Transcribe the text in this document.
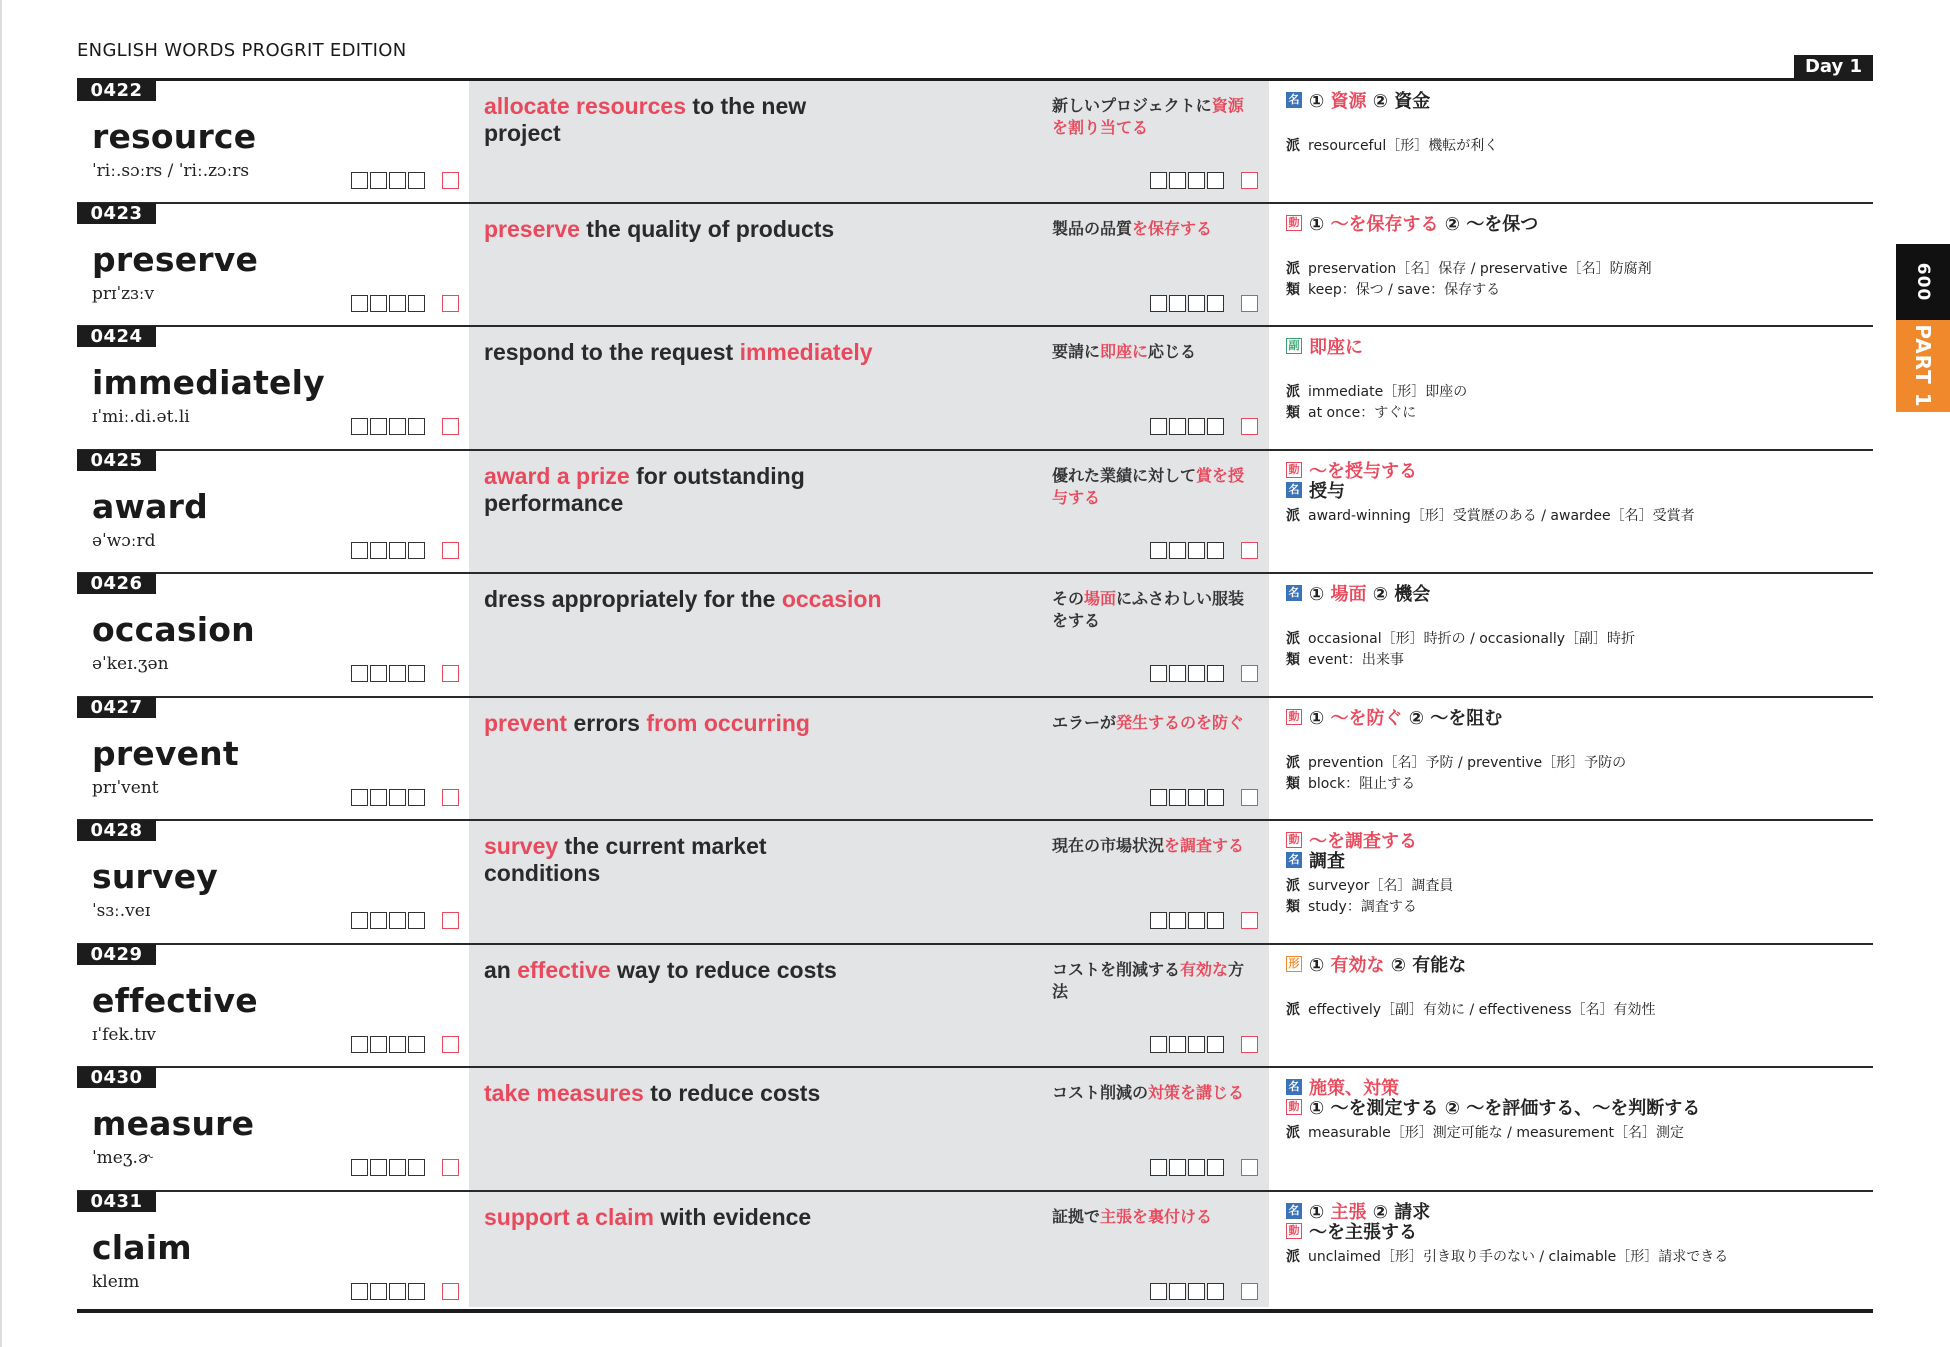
ENGLISH WORDS PROGRIT EDITION
Day 1
600
PART 1
0422
resource
ˈriː.sɔːrs / ˈriː.zɔːrs
allocate resources to the new project
新しいプロジェクトに資源を割り当てる
名 ① 資源 ② 資金
派 resourceful［形］機転が利く
0423
preserve
prɪˈzɜːv
preserve the quality of products	製品の品質を保存する	動 ① 〜を保存する ② 〜を保つ
派 preservation［名］保存 / preservative［名］防腐剤
類 keep：保つ / save：保存する
0424
immediately
ɪˈmiː.di.ət.li
respond to the request immediately	要請に即座に応じる	副 即座に
派 immediate［形］即座の
類 at once：すぐに
0425
award
əˈwɔːrd
award a prize for outstanding performance
優れた業績に対して賞を授与する
動 〜を授与する
名 授与
派 award-winning［形］受賞歴のある / awardee［名］受賞者
0426
occasion
əˈkeɪ.ʒən
dress appropriately for the occasion	その場面にふさわしい服装をする
名 ① 場面 ② 機会
派 occasional［形］時折の / occasionally［副］時折
類 event：出来事
0427
prevent
prɪˈvent
prevent errors from occurring	エラーが発生するのを防ぐ	動 ① 〜を防ぐ ② 〜を阻む
派 prevention［名］予防 / preventive［形］予防の
類 block：阻止する
0428
survey
ˈsɜː.veɪ
survey the current market conditions
現在の市場状況を調査する	動 〜を調査する
名 調査
派 surveyor［名］調査員
類 study：調査する
0429
effective
ɪˈfek.tɪv
an effective way to reduce costs	コストを削減する有効な方法
形 ① 有効な ② 有能な
派 effectively［副］有効に / effectiveness［名］有効性
0430
measure
ˈmeʒ.ɚ
take measures to reduce costs	コスト削減の対策を講じる	名 施策、対策
動 ① 〜を測定する ② 〜を評価する、〜を判断する
派 measurable［形］測定可能な / measurement［名］測定
0431
claim
kleɪm
support a claim with evidence	証拠で主張を裏付ける	名 ① 主張 ② 請求
動 〜を主張する
派 unclaimed［形］引き取り手のない / claimable［形］請求できる
